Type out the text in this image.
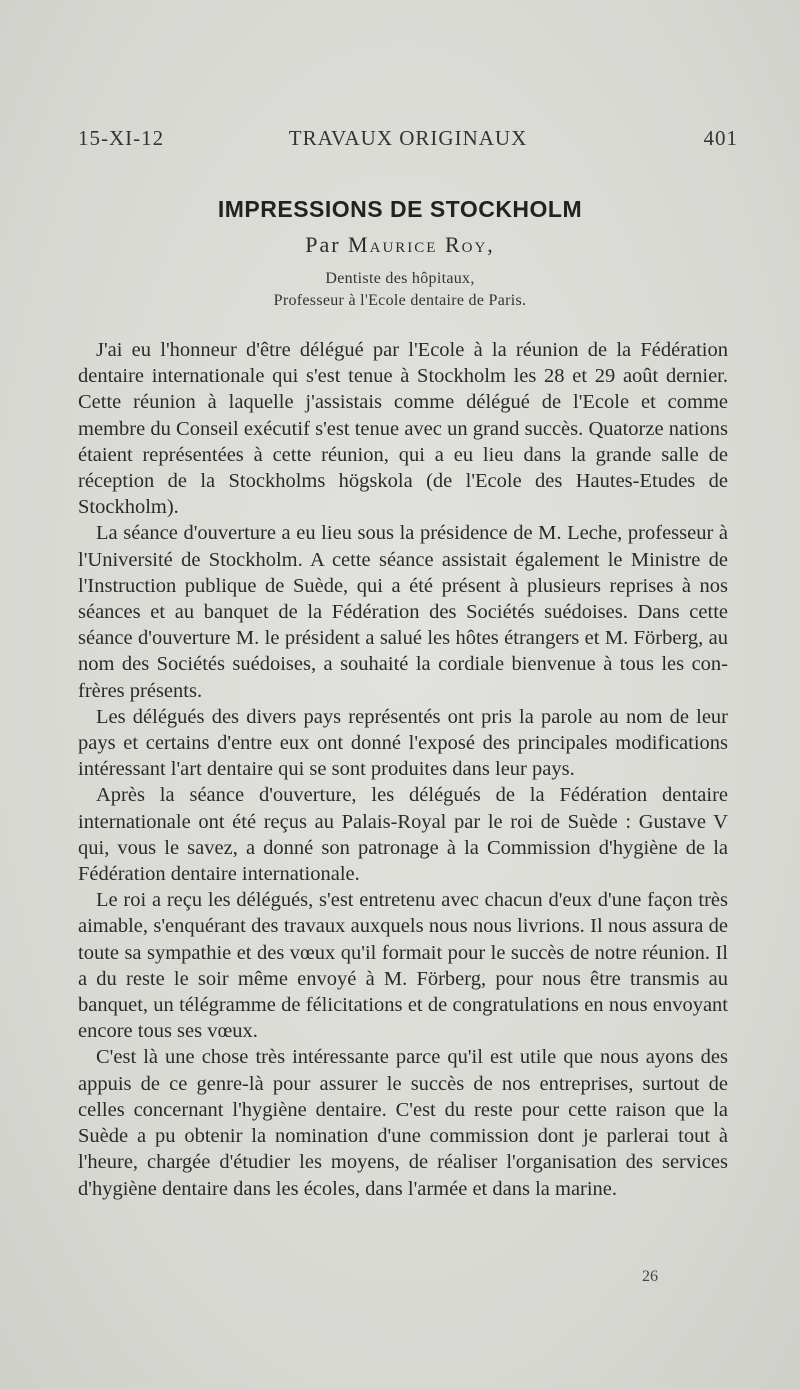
15-XI-12	TRAVAUX ORIGINAUX	401
IMPRESSIONS DE STOCKHOLM
Par Maurice Roy,
Dentiste des hôpitaux,
Professeur à l'Ecole dentaire de Paris.

J'ai eu l'honneur d'être délégué par l'Ecole à la réunion de la Fédération dentaire internationale qui s'est tenue à Stockholm les 28 et 29 août dernier. Cette réunion à laquelle j'assistais comme délégué de l'Ecole et comme membre du Conseil exécutif s'est tenue avec un grand succès. Quatorze nations étaient représentées à cette réunion, qui a eu lieu dans la grande salle de réception de la Stockholms högskola (de l'Ecole des Hautes-Etudes de Stockholm).

La séance d'ouverture a eu lieu sous la présidence de M. Leche, professeur à l'Université de Stockholm. A cette séance assistait également le Ministre de l'Instruction publique de Suède, qui a été présent à plusieurs reprises à nos séances et au banquet de la Fédération des Sociétés suédoises. Dans cette séance d'ouverture M. le président a salué les hôtes étrangers et M. Förberg, au nom des Sociétés suédoises, a souhaité la cordiale bienvenue à tous les confrères présents.

Les délégués des divers pays représentés ont pris la parole au nom de leur pays et certains d'entre eux ont donné l'exposé des principales modifications intéressant l'art dentaire qui se sont produites dans leur pays.

Après la séance d'ouverture, les délégués de la Fédération dentaire internationale ont été reçus au Palais-Royal par le roi de Suède : Gustave V qui, vous le savez, a donné son patronage à la Commission d'hygiène de la Fédération dentaire internationale.

Le roi a reçu les délégués, s'est entretenu avec chacun d'eux d'une façon très aimable, s'enquérant des travaux auxquels nous nous livrions. Il nous assura de toute sa sympathie et des vœux qu'il formait pour le succès de notre réunion. Il a du reste le soir même envoyé à M. Förberg, pour nous être transmis au banquet, un télégramme de félicitations et de congratulations en nous envoyant encore tous ses vœux.

C'est là une chose très intéressante parce qu'il est utile que nous ayons des appuis de ce genre-là pour assurer le succès de nos entreprises, surtout de celles concernant l'hygiène dentaire. C'est du reste pour cette raison que la Suède a pu obtenir la nomination d'une commission dont je parlerai tout à l'heure, chargée d'étudier les moyens, de réaliser l'organisation des services d'hygiène dentaire dans les écoles, dans l'armée et dans la marine.

26
